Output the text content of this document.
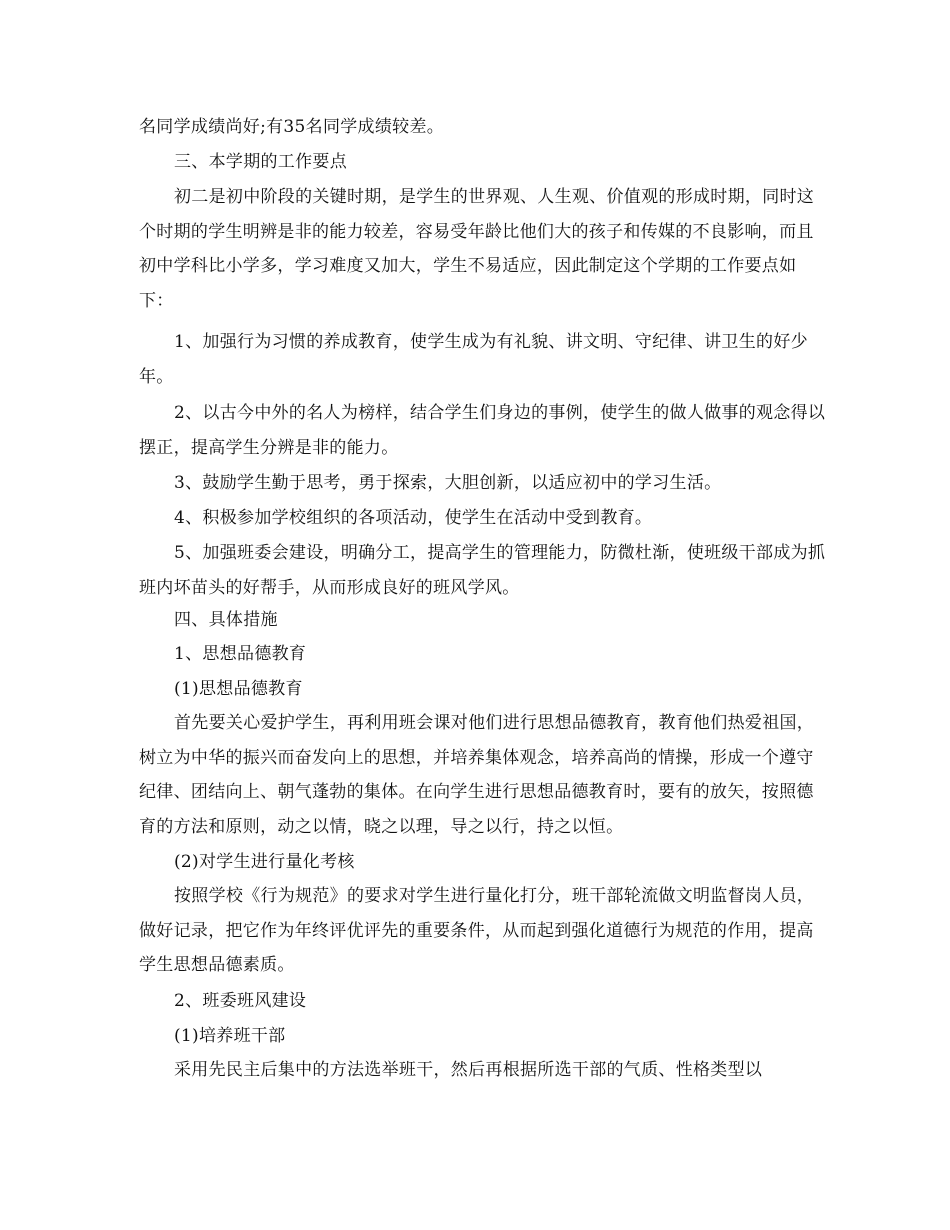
名同学成绩尚好;有35名同学成绩较差。

三、本学期的工作要点

初二是初中阶段的关键时期，是学生的世界观、人生观、价值观的形成时期，同时这个时期的学生明辨是非的能力较差，容易受年龄比他们大的孩子和传媒的不良影响，而且初中学科比小学多，学习难度又加大，学生不易适应，因此制定这个学期的工作要点如下：

1、加强行为习惯的养成教育，使学生成为有礼貌、讲文明、守纪律、讲卫生的好少年。

2、以古今中外的名人为榜样，结合学生们身边的事例，使学生的做人做事的观念得以摆正，提高学生分辨是非的能力。

3、鼓励学生勤于思考，勇于探索，大胆创新，以适应初中的学习生活。

4、积极参加学校组织的各项活动，使学生在活动中受到教育。

5、加强班委会建设，明确分工，提高学生的管理能力，防微杜渐，使班级干部成为抓班内坏苗头的好帮手，从而形成良好的班风学风。

四、具体措施

1、思想品德教育

(1)思想品德教育

首先要关心爱护学生，再利用班会课对他们进行思想品德教育，教育他们热爱祖国，树立为中华的振兴而奋发向上的思想，并培养集体观念，培养高尚的情操，形成一个遵守纪律、团结向上、朝气蓬勃的集体。在向学生进行思想品德教育时，要有的放矢，按照德育的方法和原则，动之以情，晓之以理，导之以行，持之以恒。

(2)对学生进行量化考核

按照学校《行为规范》的要求对学生进行量化打分，班干部轮流做文明监督岗人员，做好记录，把它作为年终评优评先的重要条件，从而起到强化道德行为规范的作用，提高学生思想品德素质。

2、班委班风建设

(1)培养班干部

采用先民主后集中的方法选举班干，然后再根据所选干部的气质、性格类型以
